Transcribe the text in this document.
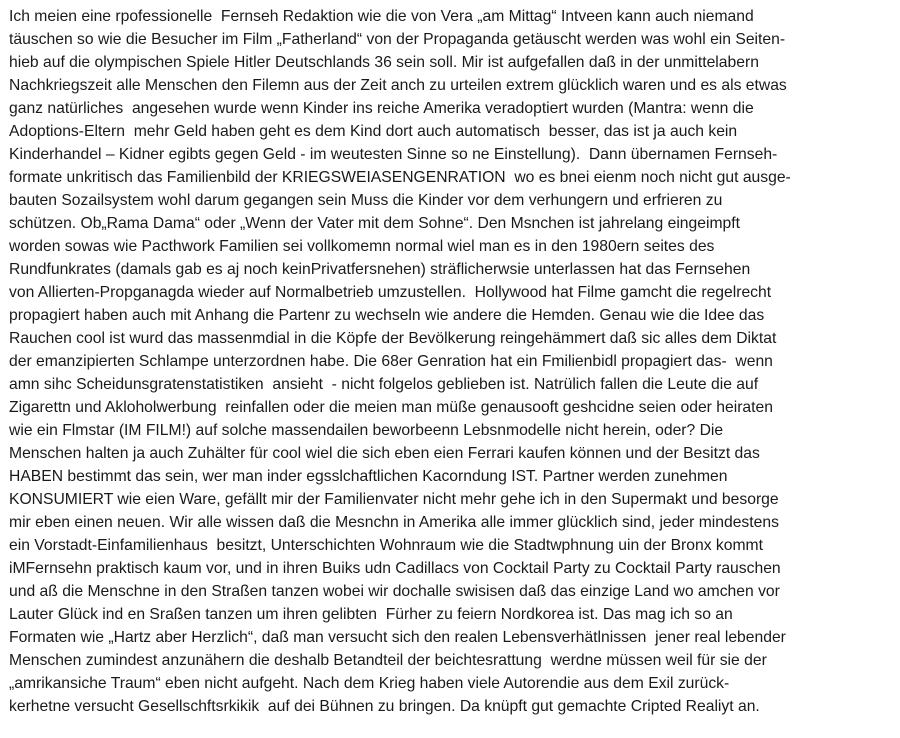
Ich meien eine rpofessionelle  Fernseh Redaktion wie die von Vera „am Mittag“ Intveen kann auch niemand

täuschen so wie die Besucher im Film „Fatherland“ von der Propaganda getäuscht werden was wohl ein Seiten-

hieb auf die olympischen Spiele Hitler Deutschlands 36 sein soll. Mir ist aufgefallen daß in der unmittelabern

Nachkriegszeit alle Menschen den Filemn aus der Zeit anch zu urteilen extrem glücklich waren und es als etwas

ganz natürliches  angesehen wurde wenn Kinder ins reiche Amerika veradoptiert wurden (Mantra: wenn die

Adoptions-Eltern  mehr Geld haben geht es dem Kind dort auch automatisch  besser, das ist ja auch kein

Kinderhandel – Kidner egibts gegen Geld - im weutesten Sinne so ne Einstellung).  Dann übernamen Fernseh-

formate unkritisch das Familienbild der KRIEGSWEIASENGENRATION  wo es bnei eienm noch nicht gut ausge-

bauten Sozailsystem wohl darum gegangen sein Muss die Kinder vor dem verhungern und erfrieren zu

schützen. Ob„Rama Dama“ oder „Wenn der Vater mit dem Sohne“. Den Msnchen ist jahrelang eingeimpft

worden sowas wie Pacthwork Familien sei vollkomemn normal wiel man es in den 1980ern seites des

Rundfunkrates (damals gab es aj noch keinPrivatfersnehen) sträflicherwsie unterlassen hat das Fernsehen

von Allierten-Propganagda wieder auf Normalbetrieb umzustellen.  Hollywood hat Filme gamcht die regelrecht

propagiert haben auch mit Anhang die Partenr zu wechseln wie andere die Hemden. Genau wie die Idee das

Rauchen cool ist wurd das massenmdial in die Köpfe der Bevölkerung reingehämmert daß sic alles dem Diktat

der emanzipierten Schlampe unterzordnen habe. Die 68er Genration hat ein Fmilienbidl propagiert das-  wenn

amn sihc Scheidunsgratenstatistiken  ansieht  - nicht folgelos geblieben ist. Natrülich fallen die Leute die auf

Zigarettn und Akloholwerbung  reinfallen oder die meien man müße genausooft geshcidne seien oder heiraten

wie ein Flmstar (IM FILM!) auf solche massendailen beworbeenn Lebsnmodelle nicht herein, oder? Die

Menschen halten ja auch Zuhälter für cool wiel die sich eben eien Ferrari kaufen können und der Besitzt das

HABEN bestimmt das sein, wer man inder egsslchaftlichen Kacorndung IST. Partner werden zunehmen

KONSUMIERT wie eien Ware, gefällt mir der Familienvater nicht mehr gehe ich in den Supermakt und besorge

mir eben einen neuen. Wir alle wissen daß die Mesnchn in Amerika alle immer glücklich sind, jeder mindestens

ein Vorstadt-Einfamilienhaus  besitzt, Unterschichten Wohnraum wie die Stadtwphnung uin der Bronx kommt

iMFernsehn praktisch kaum vor, und in ihren Buiks udn Cadillacs von Cocktail Party zu Cocktail Party rauschen

und aß die Menschne in den Straßen tanzen wobei wir dochalle swisisen daß das einzige Land wo amchen vor

Lauter Glück ind en Sraßen tanzen um ihren gelibten  Fürher zu feiern Nordkorea ist. Das mag ich so an

Formaten wie „Hartz aber Herzlich“, daß man versucht sich den realen Lebensverhätlnissen  jener real lebender

Menschen zumindest anzunähern die deshalb Betandteil der beichtesrattung  werdne müssen weil für sie der

„amrikansiche Traum“ eben nicht aufgeht. Nach dem Krieg haben viele Autorendie aus dem Exil zurück-

kerhetne versucht Gesellschftsrkikik  auf dei Bühnen zu bringen. Da knüpft gut gemachte Cripted Realiyt an.
